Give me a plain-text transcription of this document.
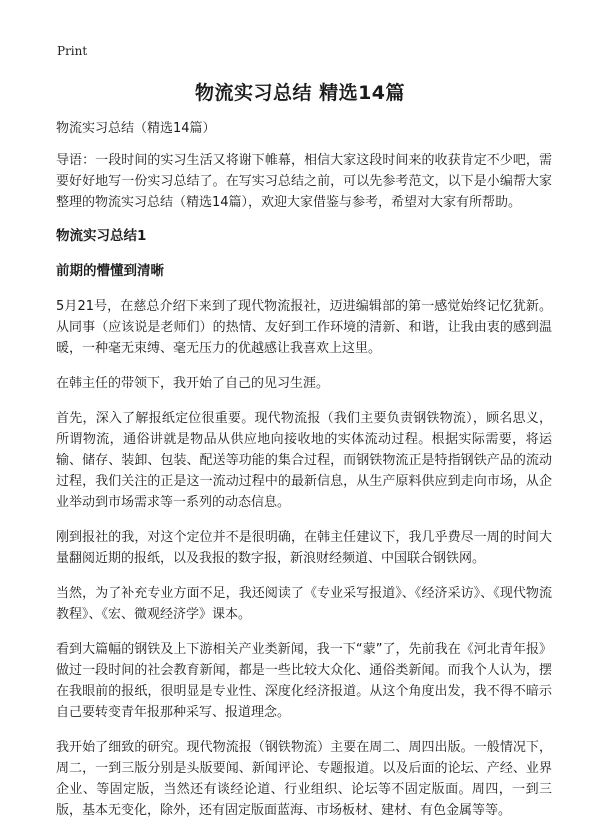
Print
物流实习总结 精选14篇

物流实习总结（精选14篇）

导语：一段时间的实习生活又将谢下帷幕，相信大家这段时间来的收获肯定不少吧，需要好好地写一份实习总结了。在写实习总结之前，可以先参考范文，以下是小编帮大家整理的物流实习总结（精选14篇），欢迎大家借鉴与参考，希望对大家有所帮助。

物流实习总结1
前期的懵懂到清晰

5月21号，在慈总介绍下来到了现代物流报社，迈进编辑部的第一感觉始终记忆犹新。从同事（应该说是老师们）的热情、友好到工作环境的清新、和谐，让我由衷的感到温暖，一种毫无束缚、毫无压力的优越感让我喜欢上这里。

在韩主任的带领下，我开始了自己的见习生涯。

首先，深入了解报纸定位很重要。现代物流报（我们主要负责钢铁物流），顾名思义，所谓物流，通俗讲就是物品从供应地向接收地的实体流动过程。根据实际需要，将运输、储存、装卸、包装、配送等功能的集合过程，而钢铁物流正是特指钢铁产品的流动过程，我们关注的正是这一流动过程中的最新信息，从生产原料供应到走向市场，从企业举动到市场需求等一系列的动态信息。

刚到报社的我，对这个定位并不是很明确，在韩主任建议下，我几乎费尽一周的时间大量翻阅近期的报纸，以及我报的数字报，新浪财经频道、中国联合钢铁网。

当然，为了补充专业方面不足，我还阅读了《专业采写报道》、《经济采访》、《现代物流教程》、《宏、微观经济学》课本。

看到大篇幅的钢铁及上下游相关产业类新闻，我一下“蒙”了，先前我在《河北青年报》做过一段时间的社会教育新闻，都是一些比较大众化、通俗类新闻。而我个人认为，摆在我眼前的报纸，很明显是专业性、深度化经济报道。从这个角度出发，我不得不暗示自己要转变青年报那种采写、报道理念。

我开始了细致的研究。现代物流报（钢铁物流）主要在周二、周四出版。一般情况下，周二，一到三版分别是头版要闻、新闻评论、专题报道。以及后面的论坛、产经、业界企业、等固定版，当然还有谈经论道、行业组织、论坛等不固定版面。周四，一到三版，基本无变化，除外，还有固定版面蓝海、市场板材、建材、有色金属等等。
